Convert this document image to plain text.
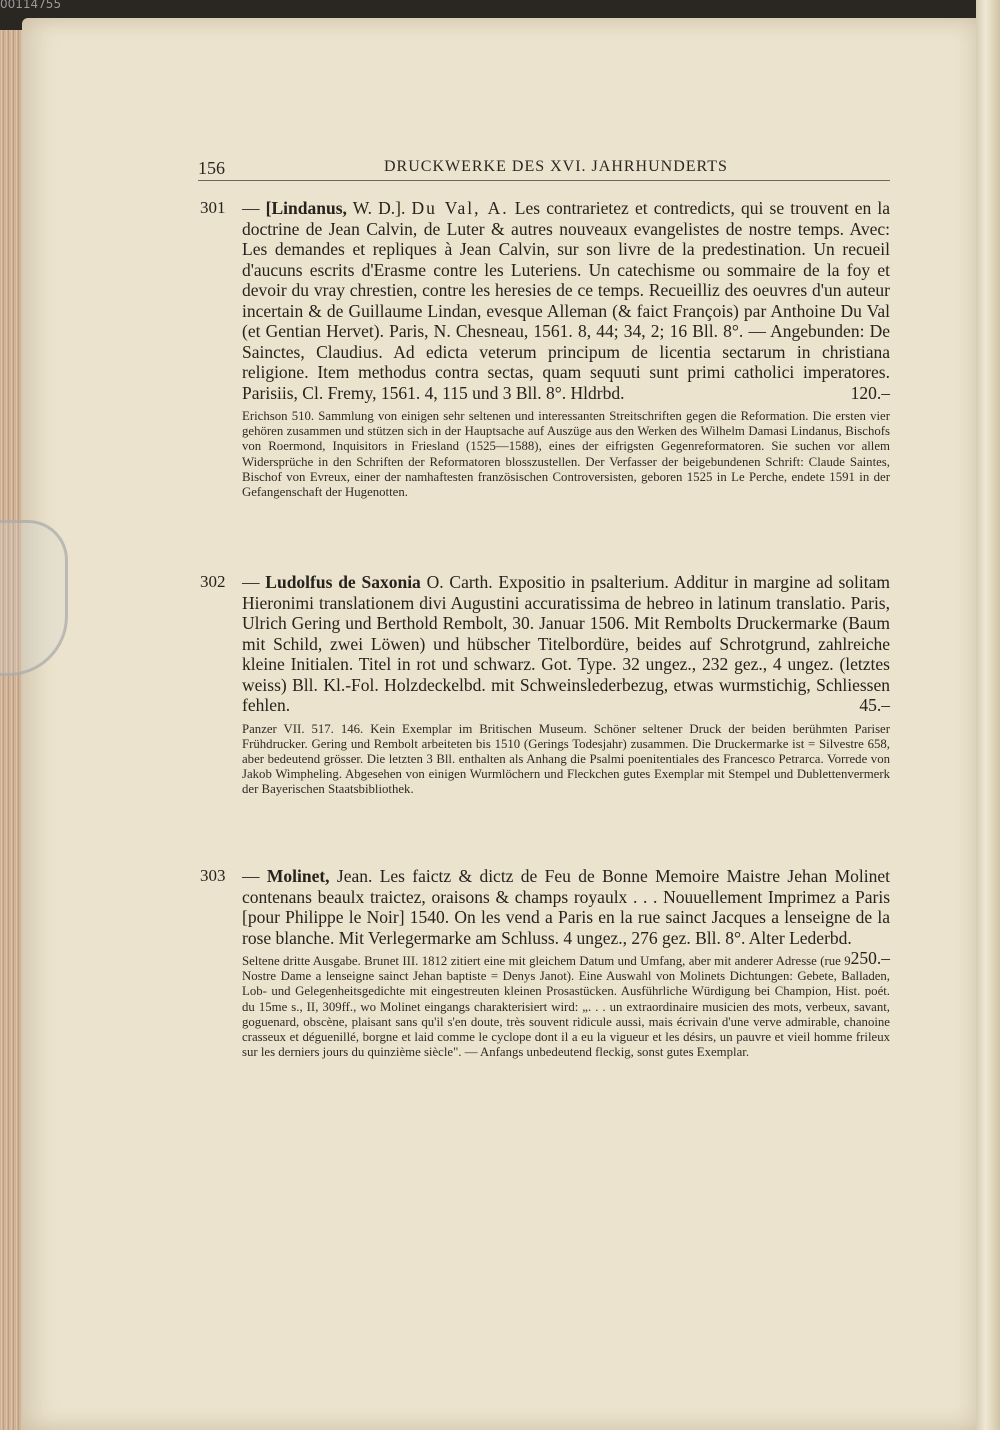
00114755
156	DRUCKWERKE DES XVI. JAHRHUNDERTS
301 — [Lindanus, W. D.]. Du Val, A. Les contrarietez et contredicts, qui se trouvent en la doctrine de Jean Calvin, de Luter & autres nouveaux evangelistes de nostre temps. Avec: Les demandes et repliques à Jean Calvin, sur son livre de la predestination. Un recueil d'aucuns escrits d'Erasme contre les Luteriens. Un catechisme ou sommaire de la foy et devoir du vray chrestien, contre les heresies de ce temps. Recueilliz des oeuvres d'un auteur incertain & de Guillaume Lindan, evesque Alleman (& faict François) par Anthoine Du Val (et Gentian Hervet). Paris, N. Chesneau, 1561. 8, 44; 34, 2; 16 Bll. 8°. — Angebunden: De Sainctes, Claudius. Ad edicta veterum principum de licentia sectarum in christiana religione. Item methodus contra sectas, quam sequuti sunt primi catholici imperatores. Parisiis, Cl. Fremy, 1561. 4, 115 und 3 Bll. 8°. Hldrbd.	120.–
Erichson 510. Sammlung von einigen sehr seltenen und interessanten Streitschriften gegen die Reformation. Die ersten vier gehören zusammen und stützen sich in der Hauptsache auf Auszüge aus den Werken des Wilhelm Damasi Lindanus, Bischofs von Roermond, Inquisitors in Friesland (1525—1588), eines der eifrigsten Gegenreformatoren. Sie suchen vor allem Widersprüche in den Schriften der Reformatoren blosszustellen. Der Verfasser der beigebundenen Schrift: Claude Saintes, Bischof von Evreux, einer der namhaftesten französischen Controversisten, geboren 1525 in Le Perche, endete 1591 in der Gefangenschaft der Hugenotten.
302 — Ludolfus de Saxonia O. Carth. Expositio in psalterium. Additur in margine ad solitam Hieronimi translationem divi Augustini accuratissima de hebreo in latinum translatio. Paris, Ulrich Gering und Berthold Rembolt, 30. Januar 1506. Mit Rembolts Druckermarke (Baum mit Schild, zwei Löwen) und hübscher Titelbordüre, beides auf Schrotgrund, zahlreiche kleine Initialen. Titel in rot und schwarz. Got. Type. 32 ungez., 232 gez., 4 ungez. (letztes weiss) Bll. Kl.-Fol. Holzdeckelbd. mit Schweinslederbezug, etwas wurmstichig, Schliessen fehlen.	45.–
Panzer VII. 517. 146. Kein Exemplar im Britischen Museum. Schöner seltener Druck der beiden berühmten Pariser Frühdrucker. Gering und Rembolt arbeiteten bis 1510 (Gerings Todesjahr) zusammen. Die Druckermarke ist = Silvestre 658, aber bedeutend grösser. Die letzten 3 Bll. enthalten als Anhang die Psalmi poenitentiales des Francesco Petrarca. Vorrede von Jakob Wimpheling. Abgesehen von einigen Wurmlöchern und Fleckchen gutes Exemplar mit Stempel und Dublettenvermerk der Bayerischen Staatsbibliothek.
303 — Molinet, Jean. Les faictz & dictz de Feu de Bonne Memoire Maistre Jehan Molinet contenans beaulx traictez, oraisons & champs royaulx . . . Nouuellement Imprimez a Paris [pour Philippe le Noir] 1540. On les vend a Paris en la rue sainct Jacques a lenseigne de la rose blanche. Mit Verlegermarke am Schluss. 4 ungez., 276 gez. Bll. 8°. Alter Lederbd.
250.–
Seltene dritte Ausgabe. Brunet III. 1812 zitiert eine mit gleichem Datum und Umfang, aber mit anderer Adresse (rue 9 Nostre Dame a lenseigne sainct Jehan baptiste = Denys Janot). Eine Auswahl von Molinets Dichtungen: Gebete, Balladen, Lob- und Gelegenheitsgedichte mit eingestreuten kleinen Prosastücken. Ausführliche Würdigung bei Champion, Hist. poét. du 15me s., II, 309ff., wo Molinet eingangs charakterisiert wird: „. . . un extraordinaire musicien des mots, verbeux, savant, goguenard, obscène, plaisant sans qu'il s'en doute, très souvent ridicule aussi, mais écrivain d'une verve admirable, chanoine crasseux et déguenillé, borgne et laid comme le cyclope dont il a eu la vigueur et les désirs, un pauvre et vieil homme frileux sur les derniers jours du quinzième siècle". — Anfangs unbedeutend fleckig, sonst gutes Exemplar.
